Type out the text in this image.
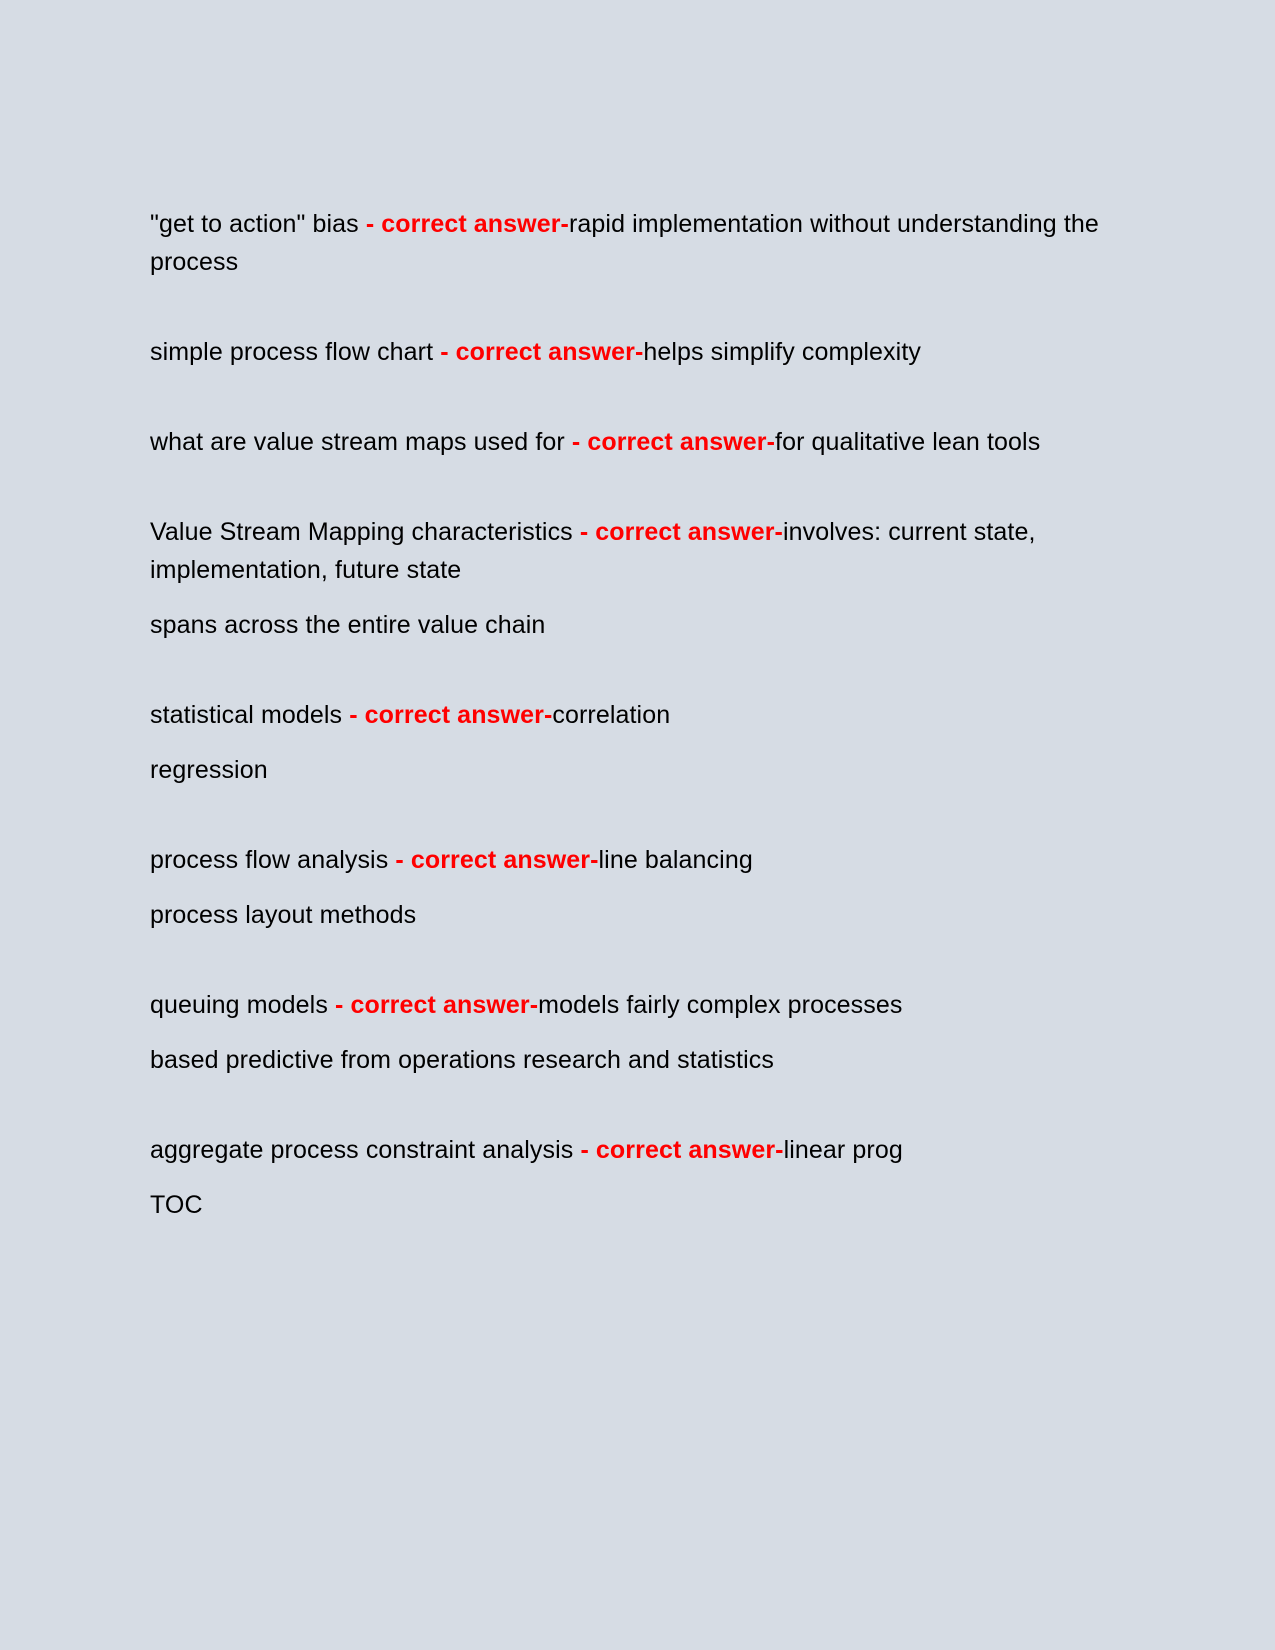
"get to action" bias - correct answer-rapid implementation without understanding the process

simple process flow chart - correct answer-helps simplify complexity

what are value stream maps used for - correct answer-for qualitative lean tools

Value Stream Mapping characteristics - correct answer-involves: current state, implementation, future state

spans across the entire value chain

statistical models - correct answer-correlation

regression

process flow analysis - correct answer-line balancing

process layout methods

queuing models - correct answer-models fairly complex processes

based predictive from operations research and statistics

aggregate process constraint analysis - correct answer-linear prog

TOC
